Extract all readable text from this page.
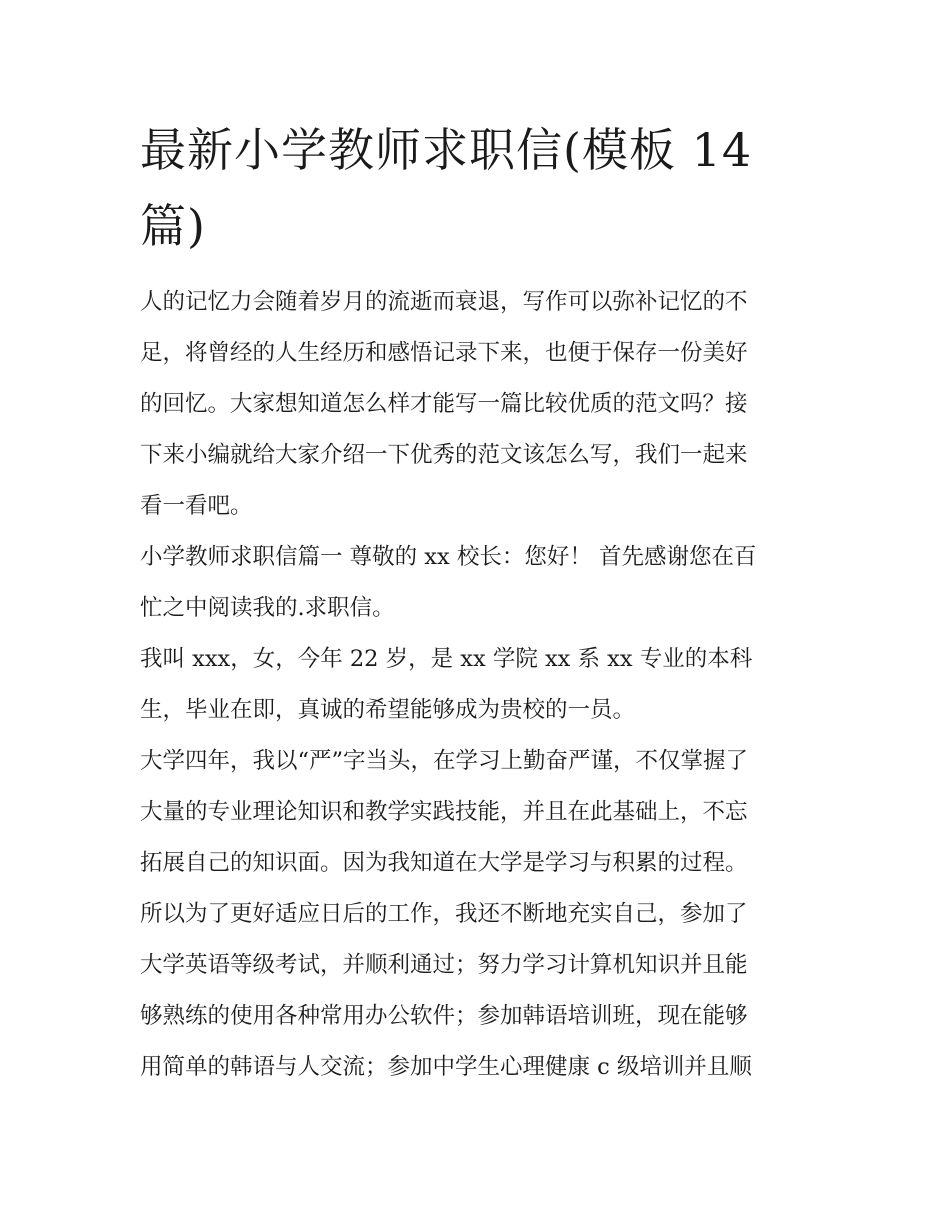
最新小学教师求职信(模板 14
篇)

人的记忆力会随着岁月的流逝而衰退，写作可以弥补记忆的不
足，将曾经的人生经历和感悟记录下来，也便于保存一份美好
的回忆。大家想知道怎么样才能写一篇比较优质的范文吗？接
下来小编就给大家介绍一下优秀的范文该怎么写，我们一起来
看一看吧。

小学教师求职信篇一 尊敬的 xx 校长：您好！ 首先感谢您在百
忙之中阅读我的.求职信。

我叫 xxx，女，今年 22 岁，是 xx 学院 xx 系 xx 专业的本科
生，毕业在即，真诚的希望能够成为贵校的一员。

大学四年，我以“严”字当头，在学习上勤奋严谨，不仅掌握了
大量的专业理论知识和教学实践技能，并且在此基础上，不忘
拓展自己的知识面。因为我知道在大学是学习与积累的过程。
所以为了更好适应日后的工作，我还不断地充实自己，参加了
大学英语等级考试，并顺利通过；努力学习计算机知识并且能
够熟练的使用各种常用办公软件；参加韩语培训班，现在能够
用简单的韩语与人交流；参加中学生心理健康 c 级培训并且顺
